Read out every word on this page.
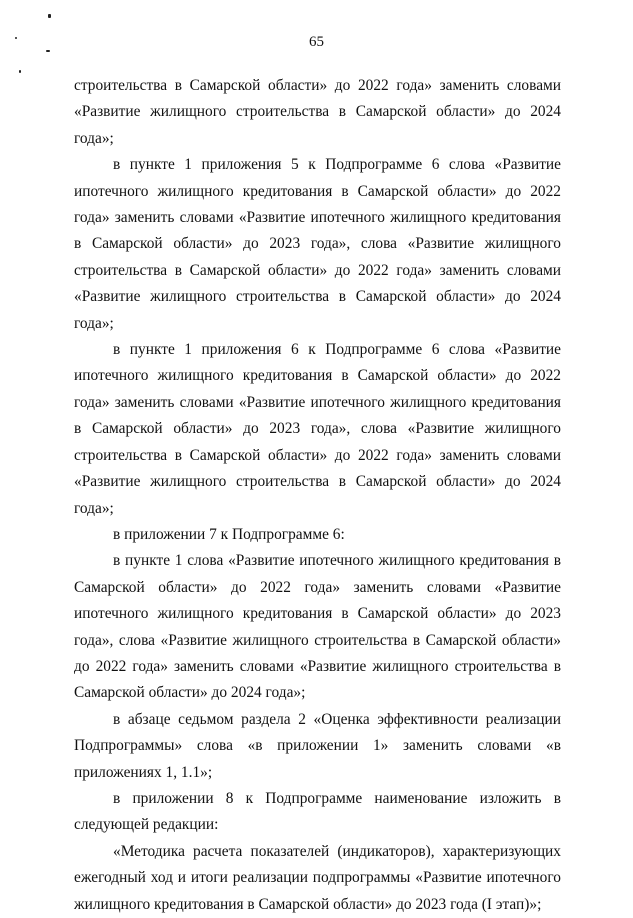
65

строительства в Самарской области» до 2022 года» заменить словами «Развитие жилищного строительства в Самарской области» до 2024 года»;

в пункте 1 приложения 5 к Подпрограмме 6 слова «Развитие ипотечного жилищного кредитования в Самарской области» до 2022 года» заменить словами «Развитие ипотечного жилищного кредитования в Самарской области» до 2023 года», слова «Развитие жилищного строительства в Самарской области» до 2022 года» заменить словами «Развитие жилищного строительства в Самарской области» до 2024 года»;

в пункте 1 приложения 6 к Подпрограмме 6 слова «Развитие ипотечного жилищного кредитования в Самарской области» до 2022 года» заменить словами «Развитие ипотечного жилищного кредитования в Самарской области» до 2023 года», слова «Развитие жилищного строительства в Самарской области» до 2022 года» заменить словами «Развитие жилищного строительства в Самарской области» до 2024 года»;

в приложении 7 к Подпрограмме 6:

в пункте 1 слова «Развитие ипотечного жилищного кредитования в Самарской области» до 2022 года» заменить словами «Развитие ипотечного жилищного кредитования в Самарской области» до 2023 года», слова «Развитие жилищного строительства в Самарской области» до 2022 года» заменить словами «Развитие жилищного строительства в Самарской области» до 2024 года»;

в абзаце седьмом раздела 2 «Оценка эффективности реализации Подпрограммы» слова «в приложении 1» заменить словами «в приложениях 1, 1.1»;

в приложении 8 к Подпрограмме наименование изложить в следующей редакции:

«Методика расчета показателей (индикаторов), характеризующих ежегодный ход и итоги реализации подпрограммы «Развитие ипотечного жилищного кредитования в Самарской области» до 2023 года (I этап)»;
